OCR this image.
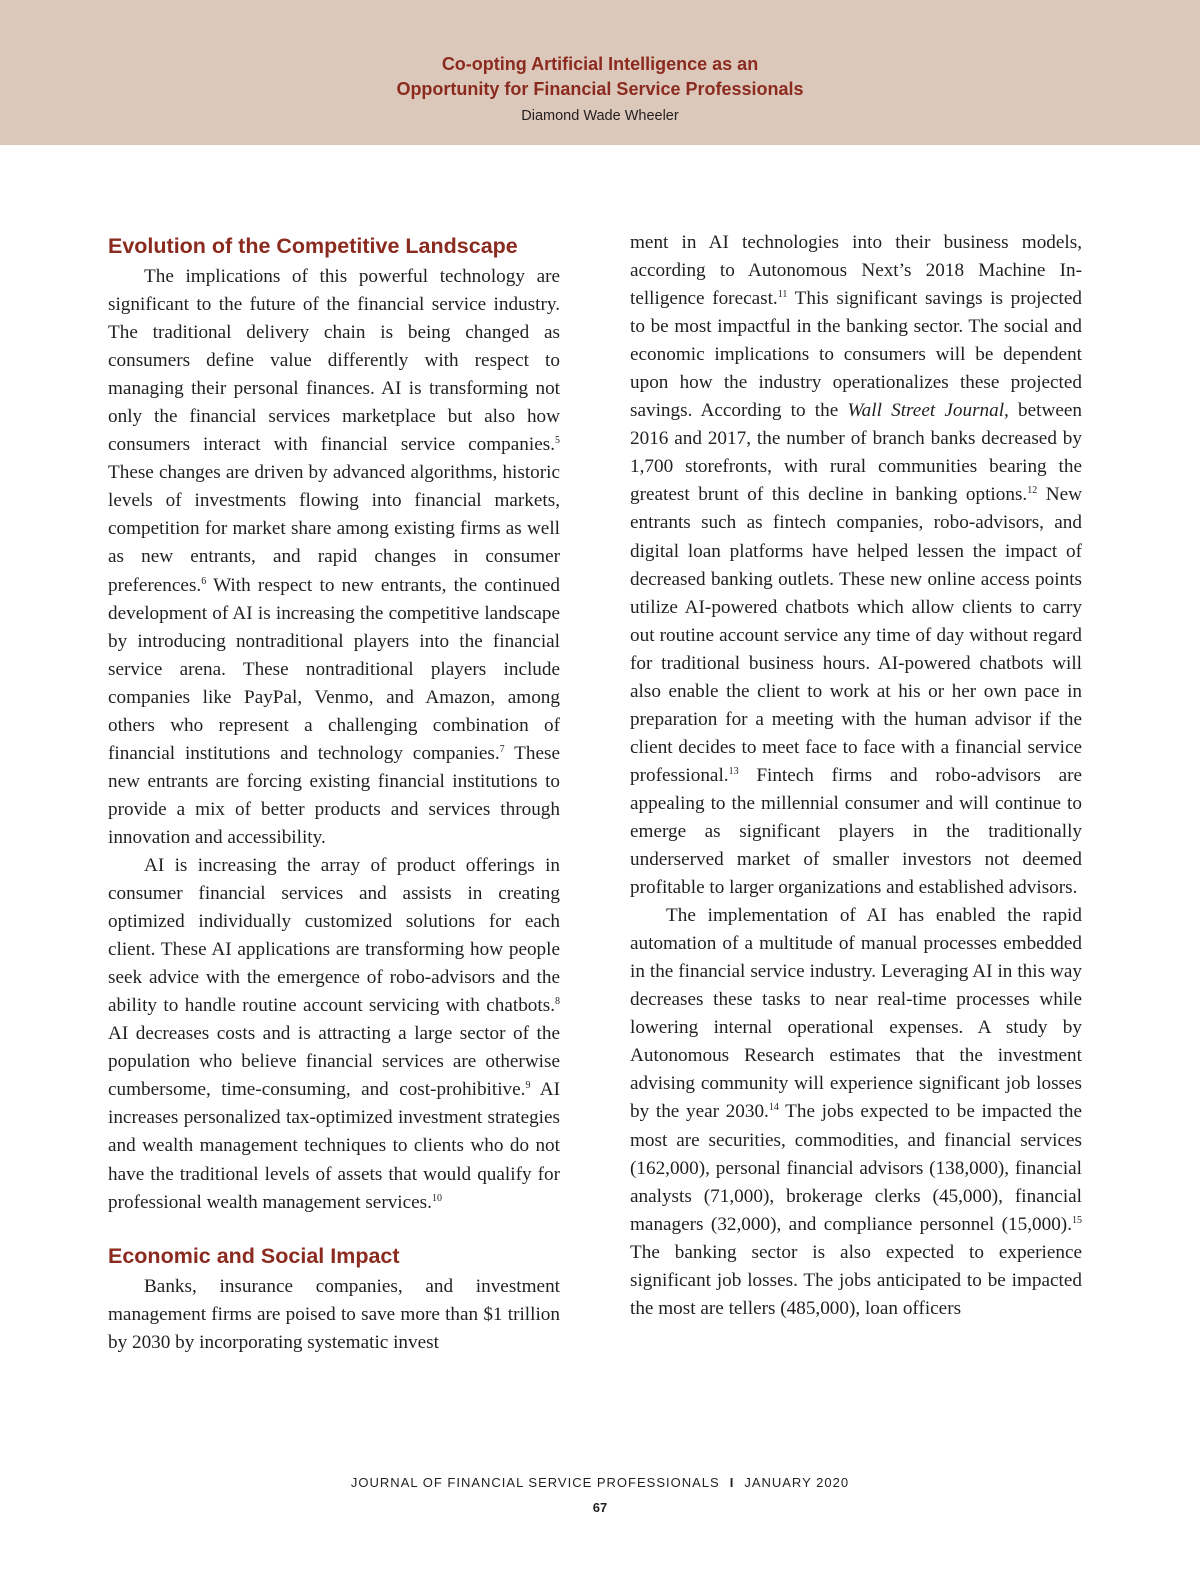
Co-opting Artificial Intelligence as an
Opportunity for Financial Service Professionals
Diamond Wade Wheeler
Evolution of the Competitive Landscape

The implications of this powerful technology are significant to the future of the financial service industry. The traditional delivery chain is being changed as consumers define value differently with respect to managing their personal finances. AI is transforming not only the financial services marketplace but also how consumers interact with financial service companies.$^5$ These changes are driven by advanced algorithms, historic levels of investments flowing into financial markets, competition for market share among existing firms as well as new entrants, and rapid changes in consumer preferences.$^6$ With respect to new entrants, the continued development of AI is increasing the competitive landscape by introducing nontraditional players into the financial service arena. These nontraditional players include companies like PayPal, Venmo, and Amazon, among others who represent a challenging combination of financial institutions and technology companies.$^7$ These new entrants are forcing existing financial institutions to provide a mix of better products and services through innovation and accessibility.

AI is increasing the array of product offerings in consumer financial services and assists in creating optimized individually customized solutions for each client. These AI applications are transforming how people seek advice with the emergence of robo-advisors and the ability to handle routine account servicing with chatbots.$^8$ AI decreases costs and is attracting a large sector of the population who believe financial services are otherwise cumbersome, time-consuming, and cost-prohibitive.$^9$ AI increases personalized tax-optimized investment strategies and wealth management techniques to clients who do not have the traditional levels of assets that would qualify for professional wealth management services.$^{10}$

Economic and Social Impact

Banks, insurance companies, and investment management firms are poised to save more than $1 trillion by 2030 by incorporating systematic invest

ment in AI technologies into their business models, according to Autonomous Next’s 2018 Machine Intelligence forecast.$^{11}$ This significant savings is projected to be most impactful in the banking sector. The social and economic implications to consumers will be dependent upon how the industry operationalizes these projected savings. According to the Wall Street Journal, between 2016 and 2017, the number of branch banks decreased by 1,700 storefronts, with rural communities bearing the greatest brunt of this decline in banking options.$^{12}$ New entrants such as fintech companies, robo-advisors, and digital loan platforms have helped lessen the impact of decreased banking outlets. These new online access points utilize AI-powered chatbots which allow clients to carry out routine account service any time of day without regard for traditional business hours. AI-powered chatbots will also enable the client to work at his or her own pace in preparation for a meeting with the human advisor if the client decides to meet face to face with a financial service professional.$^{13}$ Fintech firms and robo-advisors are appealing to the millennial consumer and will continue to emerge as significant players in the traditionally underserved market of smaller investors not deemed profitable to larger organizations and established advisors.

The implementation of AI has enabled the rapid automation of a multitude of manual processes embedded in the financial service industry. Leveraging AI in this way decreases these tasks to near real-time processes while lowering internal operational expenses. A study by Autonomous Research estimates that the investment advising community will experience significant job losses by the year 2030.14 The jobs expected to be impacted the most are securities, commodities, and financial services (162,000), personal financial advisors (138,000), financial analysts (71,000), brokerage clerks (45,000), financial managers (32,000), and compliance personnel (15,000).$^{15}$ The banking sector is also expected to experience significant job losses. The jobs anticipated to be impacted the most are tellers (485,000), loan officers

JOURNAL OF FINANCIAL SERVICE PROFESSIONALS I JANUARY 2020
67
